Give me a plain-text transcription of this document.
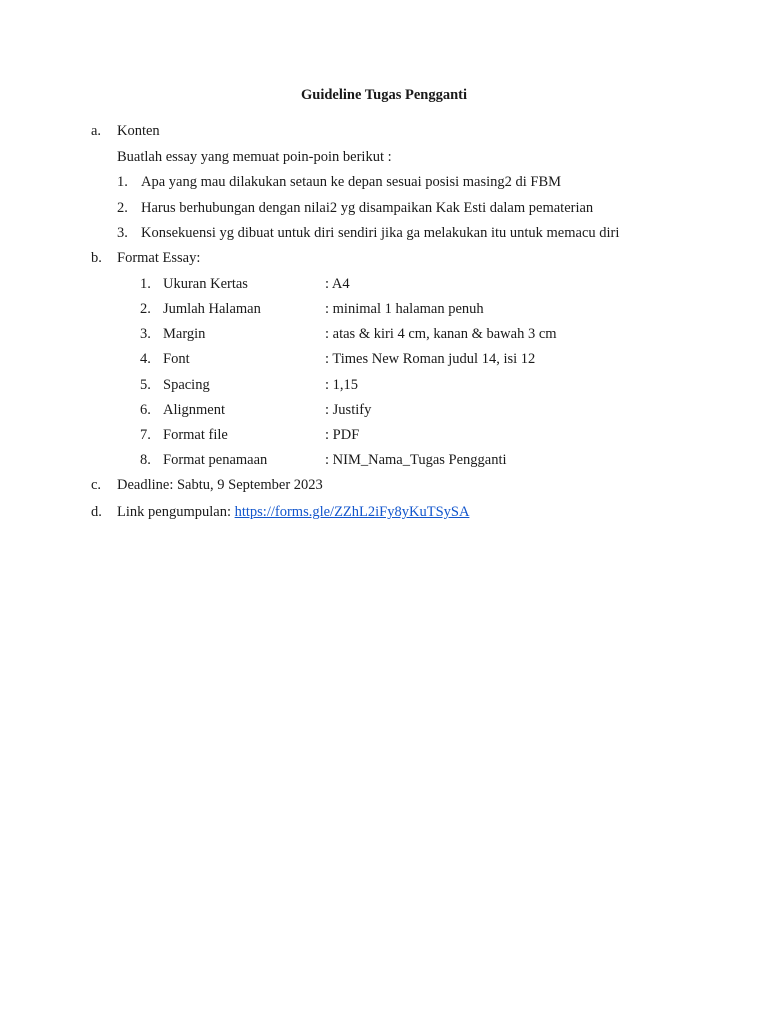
Guideline Tugas Pengganti
a. Konten
Buatlah essay yang memuat poin-poin berikut :
1. Apa yang mau dilakukan setaun ke depan sesuai posisi masing2 di FBM
2. Harus berhubungan dengan nilai2 yg disampaikan Kak Esti dalam pematerian
3. Konsekuensi yg dibuat untuk diri sendiri jika ga melakukan itu untuk memacu diri
b. Format Essay:
1. Ukuran Kertas	: A4
2. Jumlah Halaman	: minimal 1 halaman penuh
3. Margin	: atas & kiri 4 cm, kanan & bawah 3 cm
4. Font	: Times New Roman judul 14, isi 12
5. Spacing	: 1,15
6. Alignment	: Justify
7. Format file	: PDF
8. Format penamaan	: NIM_Nama_Tugas Pengganti
c. Deadline: Sabtu, 9 September 2023
d. Link pengumpulan: https://forms.gle/ZZhL2iFy8yKuTSySA
